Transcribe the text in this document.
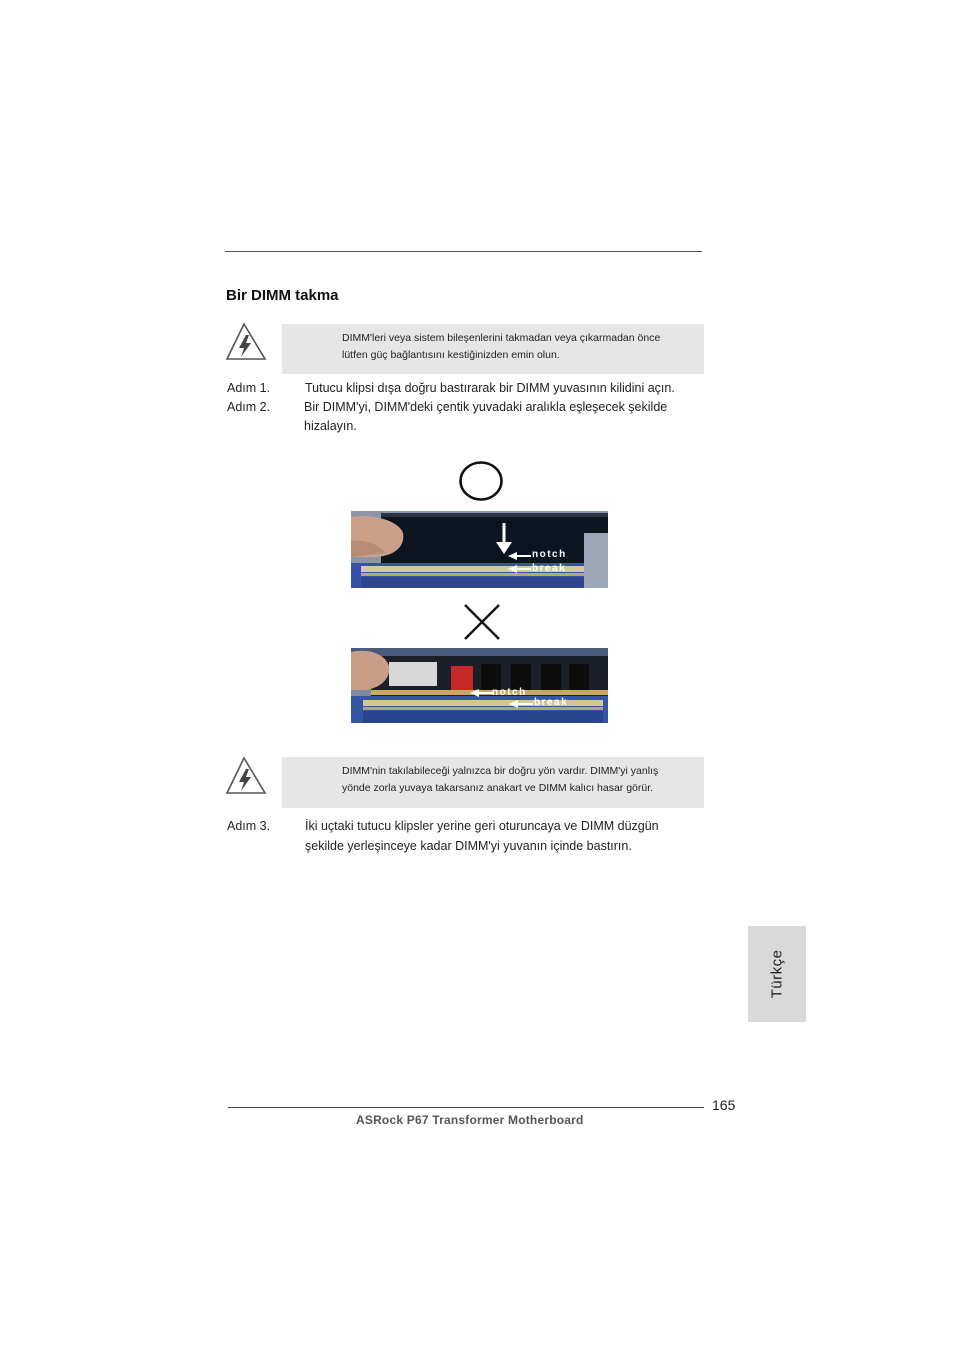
Bir DIMM takma
DIMM'leri veya sistem bileşenlerini takmadan veya çıkarmadan önce
lütfen güç bağlantısını kestiğinizden emin olun.
Adım 1.	Tutucu klipsi dışa doğru bastırarak bir DIMM yuvasının kilidini açın.
Adım 2.	Bir DIMM'yi, DIMM'deki çentik yuvadaki aralıkla eşleşecek şekilde
hizalayın.
notch
break
notch
break
DIMM'nin takılabileceği yalnızca bir doğru yön vardır. DIMM'yi yanlış
yönde zorla yuvaya takarsanız anakart ve DIMM kalıcı hasar görür.
Adım 3.	İki uçtaki tutucu klipsler yerine geri oturuncaya ve DIMM düzgün
şekilde yerleşinceye kadar DIMM'yi yuvanın içinde bastırın.
Türkçe
165
ASRock P67 Transformer Motherboard
